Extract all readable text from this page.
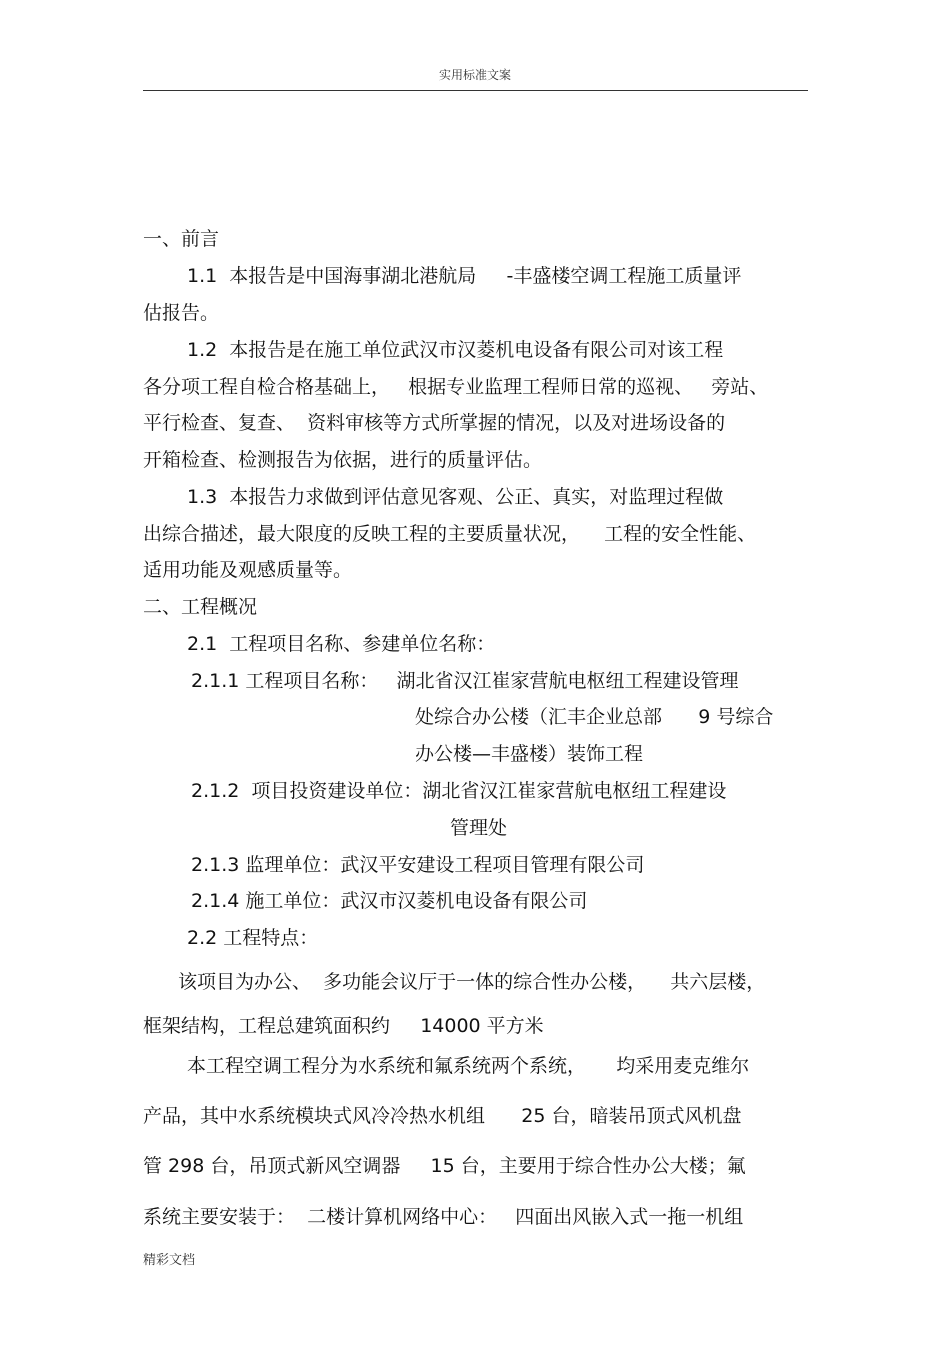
实用标准文案
一、前言
1.1  本报告是中国海事湖北港航局     -丰盛楼空调工程施工质量评
估报告。
1.2  本报告是在施工单位武汉市汉菱机电设备有限公司对该工程
各分项工程自检合格基础上，   根据专业监理工程师日常的巡视、   旁站、
平行检查、复查、  资料审核等方式所掌握的情况，以及对进场设备的
开箱检查、检测报告为依据，进行的质量评估。
1.3  本报告力求做到评估意见客观、公正、真实，对监理过程做
出综合描述，最大限度的反映工程的主要质量状况，    工程的安全性能、
适用功能及观感质量等。
二、工程概况
2.1  工程项目名称、参建单位名称：
2.1.1 工程项目名称：   湖北省汉江崔家营航电枢纽工程建设管理
处综合办公楼（汇丰企业总部      9 号综合
办公楼—丰盛楼）装饰工程
2.1.2  项目投资建设单位：湖北省汉江崔家营航电枢纽工程建设
管理处
2.1.3 监理单位：武汉平安建设工程项目管理有限公司
2.1.4 施工单位：武汉市汉菱机电设备有限公司
2.2 工程特点：
该项目为办公、  多功能会议厅于一体的综合性办公楼，    共六层楼，
框架结构，工程总建筑面积约     14000 平方米
本工程空调工程分为水系统和氟系统两个系统，     均采用麦克维尔
产品，其中水系统模块式风冷冷热水机组      25 台，暗装吊顶式风机盘
管 298 台，吊顶式新风空调器     15 台，主要用于综合性办公大楼；氟
系统主要安装于：  二楼计算机网络中心：   四面出风嵌入式一拖一机组
精彩文档
